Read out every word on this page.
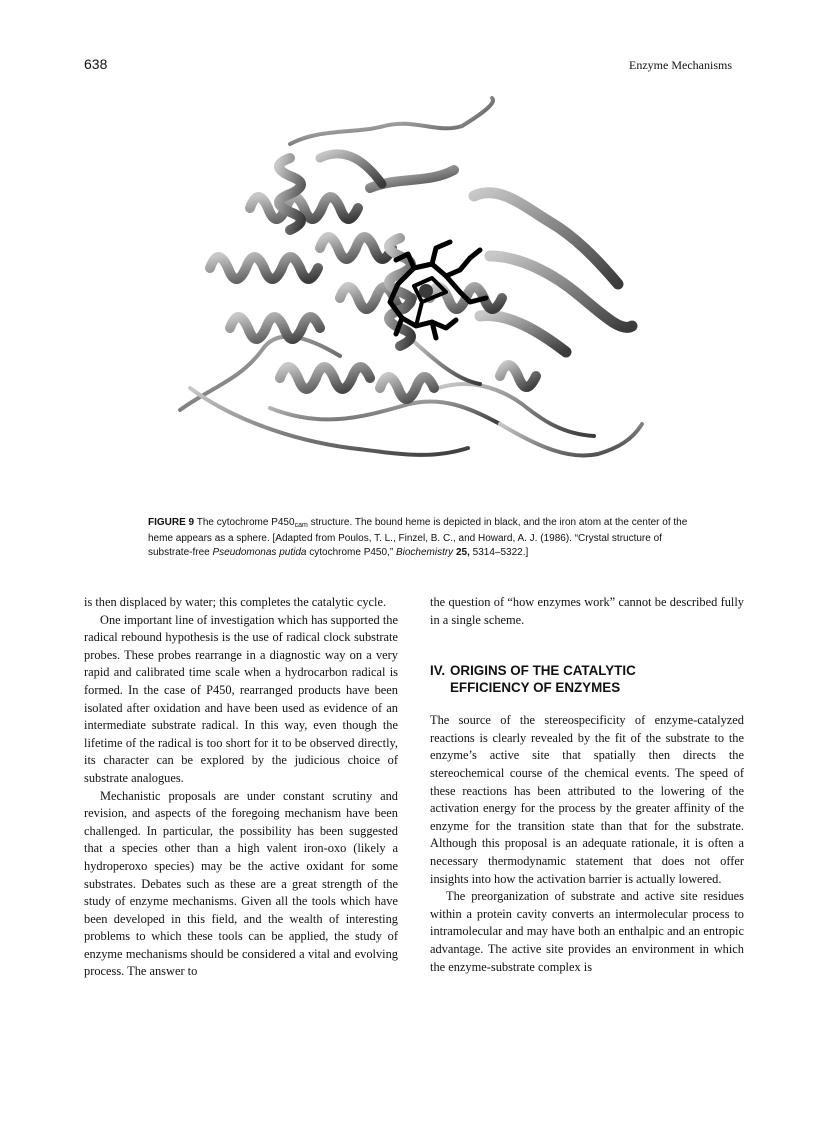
638	Enzyme Mechanisms
FIGURE 9 The cytochrome $P450_{cam}$ structure. The bound heme is depicted in black, and the iron atom at the center of the heme appears as a sphere. [Adapted from Poulos, T. L., Finzel, B. C., and Howard, A. J. (1986). “Crystal structure of substrate-free Pseudomonas putida cytochrome P450,” Biochemistry 25, 5314–5322.]

is then displaced by water; this completes the catalytic cycle.

One important line of investigation which has supported the radical rebound hypothesis is the use of radical clock substrate probes. These probes rearrange in a diagnostic way on a very rapid and calibrated time scale when a hydrocarbon radical is formed. In the case of P450, rearranged products have been isolated after oxidation and have been used as evidence of an intermediate substrate radical. In this way, even though the lifetime of the radical is too short for it to be observed directly, its character can be explored by the judicious choice of substrate analogues.

Mechanistic proposals are under constant scrutiny and revision, and aspects of the foregoing mechanism have been challenged. In particular, the possibility has been suggested that a species other than a high valent iron-oxo (likely a hydroperoxo species) may be the active oxidant for some substrates. Debates such as these are a great strength of the study of enzyme mechanisms. Given all the tools which have been developed in this field, and the wealth of interesting problems to which these tools can be applied, the study of enzyme mechanisms should be considered a vital and evolving process. The answer to

the question of “how enzymes work” cannot be described fully in a single scheme.

IV. ORIGINS OF THE CATALYTIC
EFFICIENCY OF ENZYMES

The source of the stereospecificity of enzyme-catalyzed reactions is clearly revealed by the fit of the substrate to the enzyme’s active site that spatially then directs the stereochemical course of the chemical events. The speed of these reactions has been attributed to the lowering of the activation energy for the process by the greater affinity of the enzyme for the transition state than that for the substrate. Although this proposal is an adequate rationale, it is often a necessary thermodynamic statement that does not offer insights into how the activation barrier is actually lowered.

The preorganization of substrate and active site residues within a protein cavity converts an intermolecular process to intramolecular and may have both an enthalpic and an entropic advantage. The active site provides an environment in which the enzyme-substrate complex is
